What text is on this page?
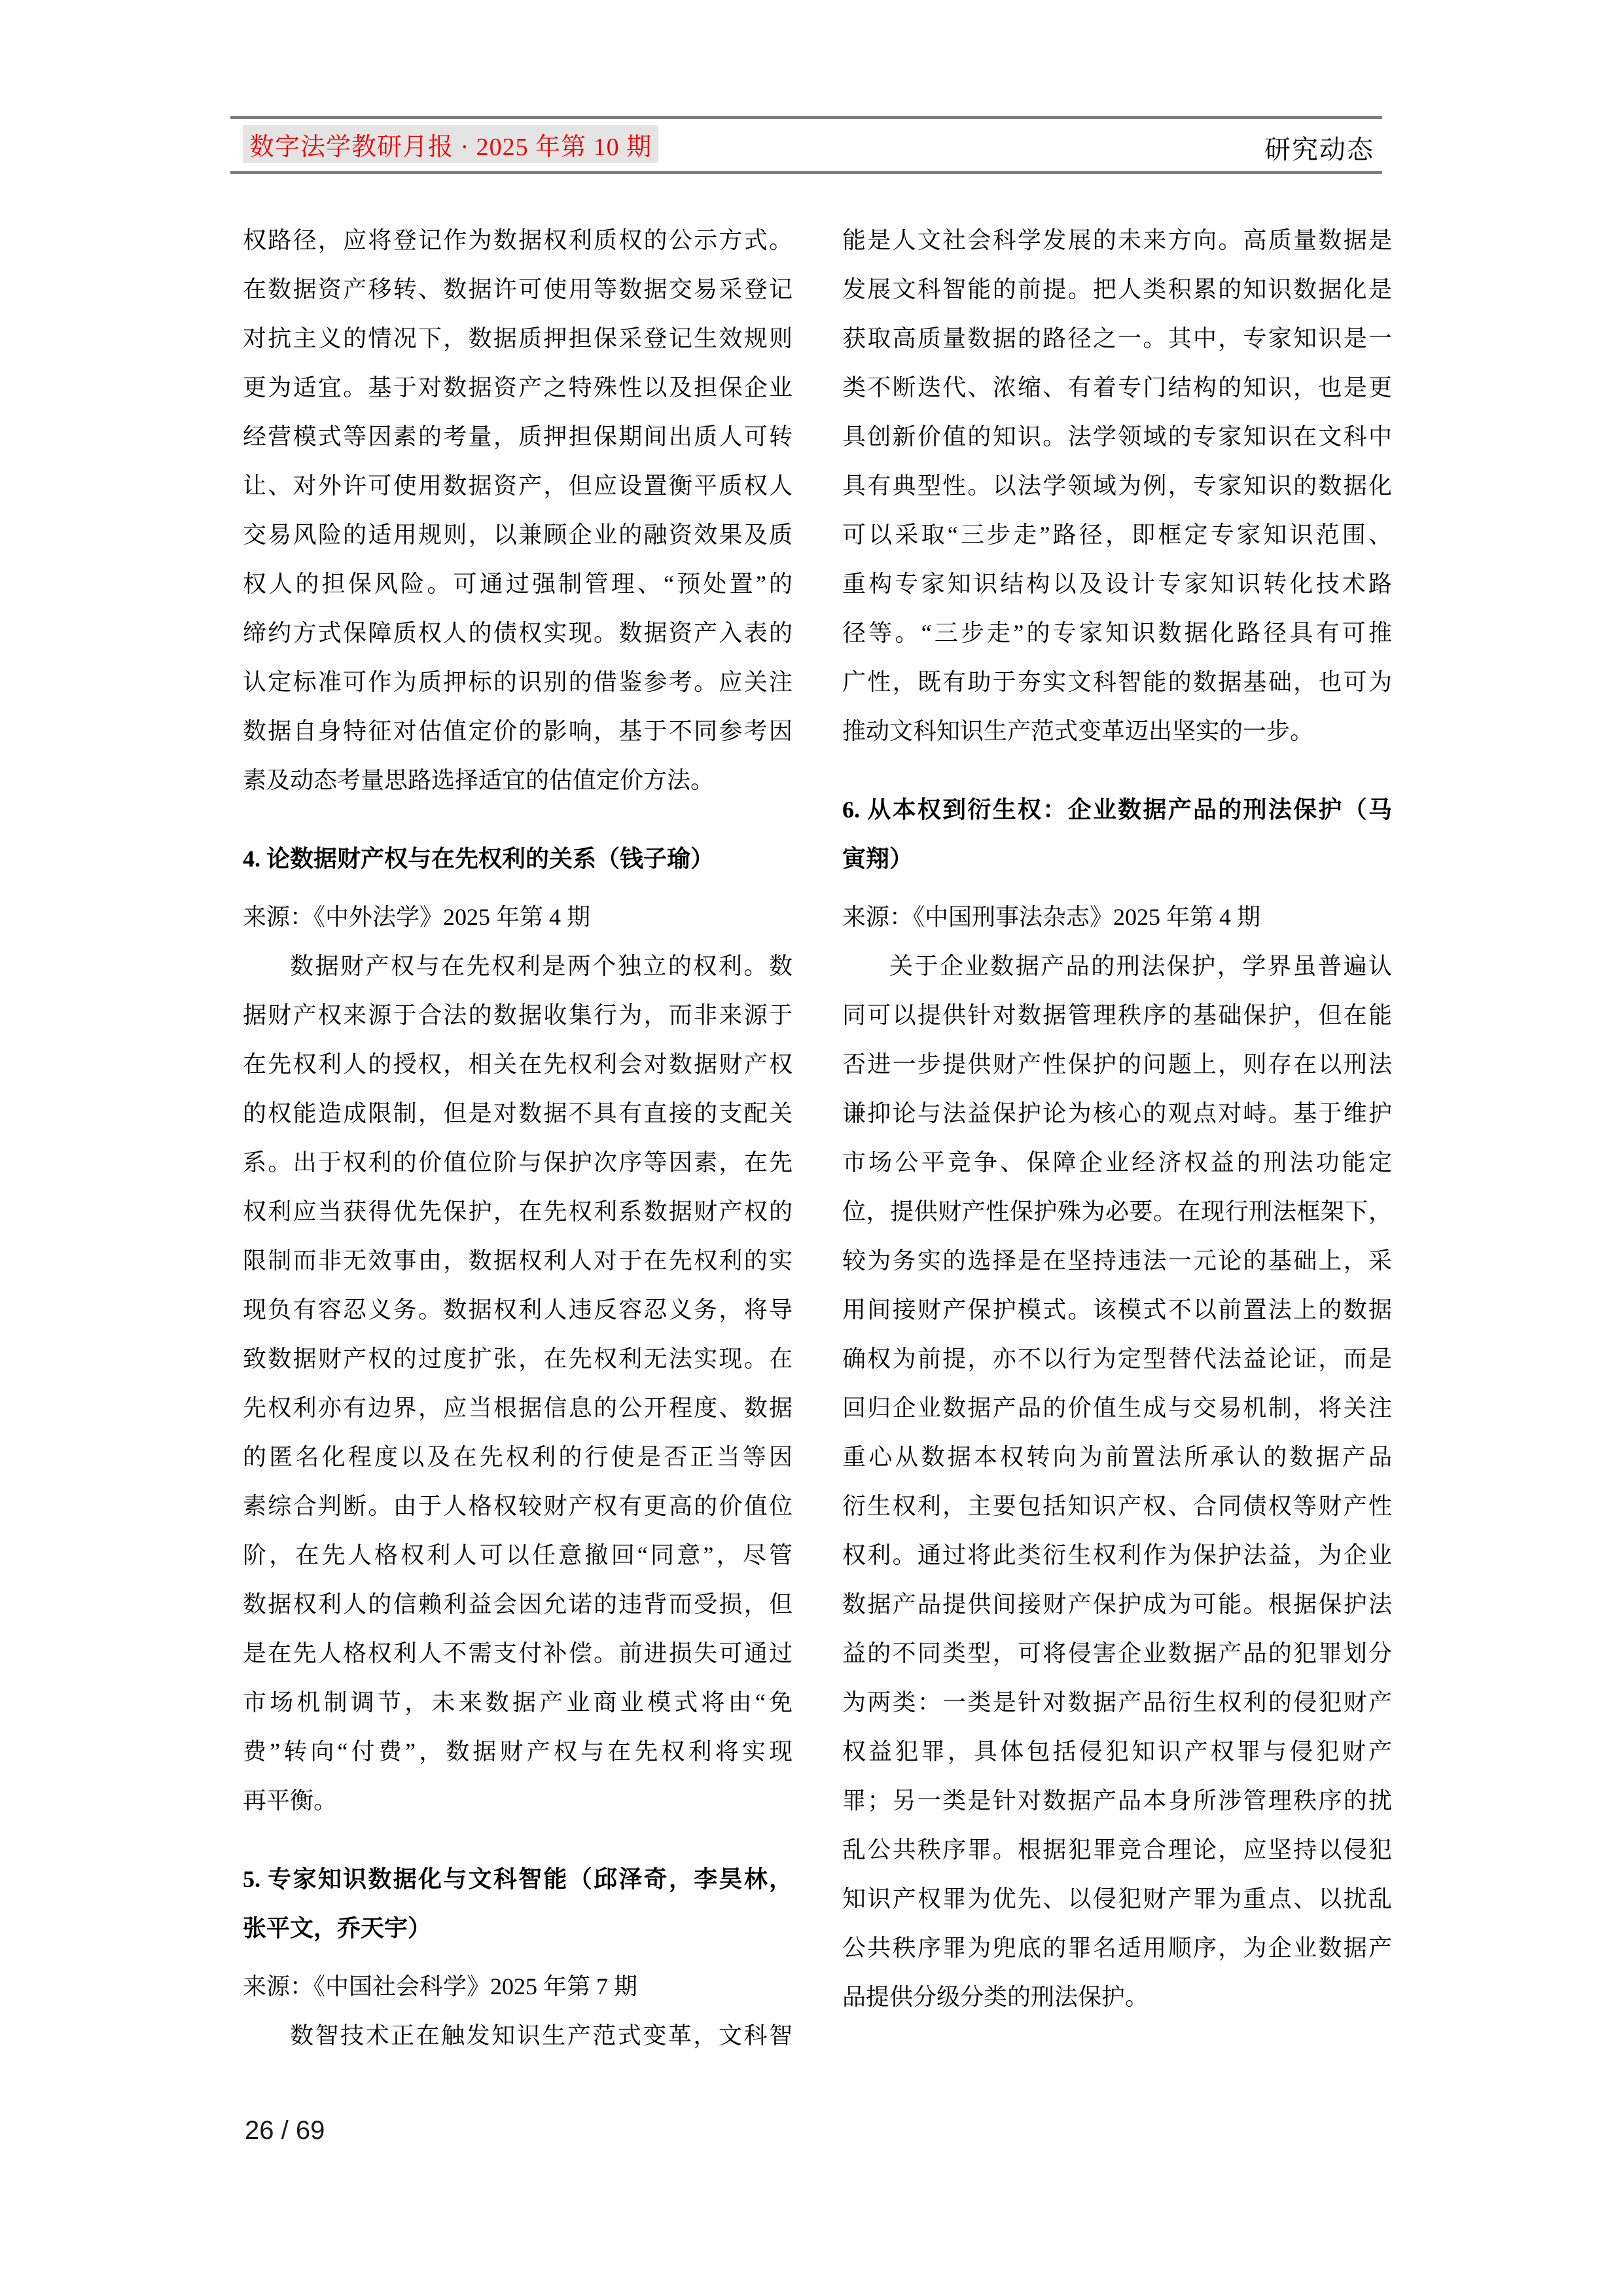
数字法学教研月报 · 2025 年第 10 期	研究动态
权路径，应将登记作为数据权利质权的公示方式。
在数据资产移转、数据许可使用等数据交易采登记
对抗主义的情况下，数据质押担保采登记生效规则
更为适宜。基于对数据资产之特殊性以及担保企业
经营模式等因素的考量，质押担保期间出质人可转
让、对外许可使用数据资产，但应设置衡平质权人
交易风险的适用规则，以兼顾企业的融资效果及质
权人的担保风险。可通过强制管理、“预处置”的
缔约方式保障质权人的债权实现。数据资产入表的
认定标准可作为质押标的识别的借鉴参考。应关注
数据自身特征对估值定价的影响，基于不同参考因
素及动态考量思路选择适宜的估值定价方法。
4. 论数据财产权与在先权利的关系（钱子瑜）
来源：《中外法学》2025 年第 4 期
数据财产权与在先权利是两个独立的权利。数
据财产权来源于合法的数据收集行为，而非来源于
在先权利人的授权，相关在先权利会对数据财产权
的权能造成限制，但是对数据不具有直接的支配关
系。出于权利的价值位阶与保护次序等因素，在先
权利应当获得优先保护，在先权利系数据财产权的
限制而非无效事由，数据权利人对于在先权利的实
现负有容忍义务。数据权利人违反容忍义务，将导
致数据财产权的过度扩张，在先权利无法实现。在
先权利亦有边界，应当根据信息的公开程度、数据
的匿名化程度以及在先权利的行使是否正当等因
素综合判断。由于人格权较财产权有更高的价值位
阶，在先人格权利人可以任意撤回“同意”，尽管
数据权利人的信赖利益会因允诺的违背而受损，但
是在先人格权利人不需支付补偿。前进损失可通过
市场机制调节，未来数据产业商业模式将由“免
费”转向“付费”，数据财产权与在先权利将实现
再平衡。
5. 专家知识数据化与文科智能（邱泽奇，李昊林，
张平文，乔天宇）
来源：《中国社会科学》2025 年第 7 期
数智技术正在触发知识生产范式变革，文科智
能是人文社会科学发展的未来方向。高质量数据是
发展文科智能的前提。把人类积累的知识数据化是
获取高质量数据的路径之一。其中，专家知识是一
类不断迭代、浓缩、有着专门结构的知识，也是更
具创新价值的知识。法学领域的专家知识在文科中
具有典型性。以法学领域为例，专家知识的数据化
可以采取“三步走”路径，即框定专家知识范围、
重构专家知识结构以及设计专家知识转化技术路
径等。“三步走”的专家知识数据化路径具有可推
广性，既有助于夯实文科智能的数据基础，也可为
推动文科知识生产范式变革迈出坚实的一步。
6. 从本权到衍生权：企业数据产品的刑法保护（马
寅翔）
来源：《中国刑事法杂志》2025 年第 4 期
关于企业数据产品的刑法保护，学界虽普遍认
同可以提供针对数据管理秩序的基础保护，但在能
否进一步提供财产性保护的问题上，则存在以刑法
谦抑论与法益保护论为核心的观点对峙。基于维护
市场公平竞争、保障企业经济权益的刑法功能定
位，提供财产性保护殊为必要。在现行刑法框架下，
较为务实的选择是在坚持违法一元论的基础上，采
用间接财产保护模式。该模式不以前置法上的数据
确权为前提，亦不以行为定型替代法益论证，而是
回归企业数据产品的价值生成与交易机制，将关注
重心从数据本权转向为前置法所承认的数据产品
衍生权利，主要包括知识产权、合同债权等财产性
权利。通过将此类衍生权利作为保护法益，为企业
数据产品提供间接财产保护成为可能。根据保护法
益的不同类型，可将侵害企业数据产品的犯罪划分
为两类：一类是针对数据产品衍生权利的侵犯财产
权益犯罪，具体包括侵犯知识产权罪与侵犯财产
罪；另一类是针对数据产品本身所涉管理秩序的扰
乱公共秩序罪。根据犯罪竞合理论，应坚持以侵犯
知识产权罪为优先、以侵犯财产罪为重点、以扰乱
公共秩序罪为兜底的罪名适用顺序，为企业数据产
品提供分级分类的刑法保护。
26 / 69
